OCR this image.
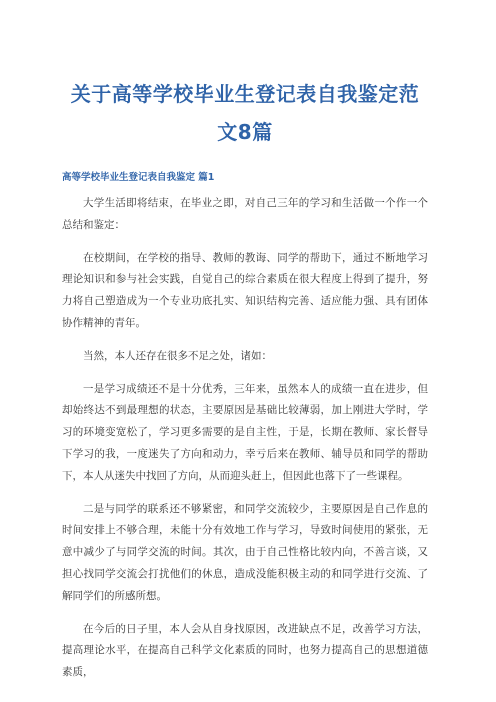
关于高等学校毕业生登记表自我鉴定范文8篇
高等学校毕业生登记表自我鉴定 篇1

大学生活即将结束，在毕业之即，对自己三年的学习和生活做一个作一个总结和鉴定：

在校期间，在学校的指导、教师的教诲、同学的帮助下，通过不断地学习理论知识和参与社会实践，自觉自己的综合素质在很大程度上得到了提升，努力将自己塑造成为一个专业功底扎实、知识结构完善、适应能力强、具有团体协作精神的青年。

当然，本人还存在很多不足之处，诸如：

一是学习成绩还不是十分优秀，三年来，虽然本人的成绩一直在进步，但却始终达不到最理想的状态，主要原因是基础比较薄弱，加上刚进大学时，学习的环境变宽松了，学习更多需要的是自主性，于是，长期在教师、家长督导下学习的我，一度迷失了方向和动力，幸亏后来在教师、辅导员和同学的帮助下，本人从迷失中找回了方向，从而迎头赶上，但因此也落下了一些课程。

二是与同学的联系还不够紧密，和同学交流较少，主要原因是自己作息的时间安排上不够合理，未能十分有效地工作与学习，导致时间使用的紧张，无意中减少了与同学交流的时间。其次，由于自己性格比较内向，不善言谈，又担心找同学交流会打扰他们的休息，造成没能积极主动的和同学进行交流、了解同学们的所感所想。

在今后的日子里，本人会从自身找原因，改进缺点不足，改善学习方法，提高理论水平，在提高自己科学文化素质的同时，也努力提高自己的思想道德素质，
